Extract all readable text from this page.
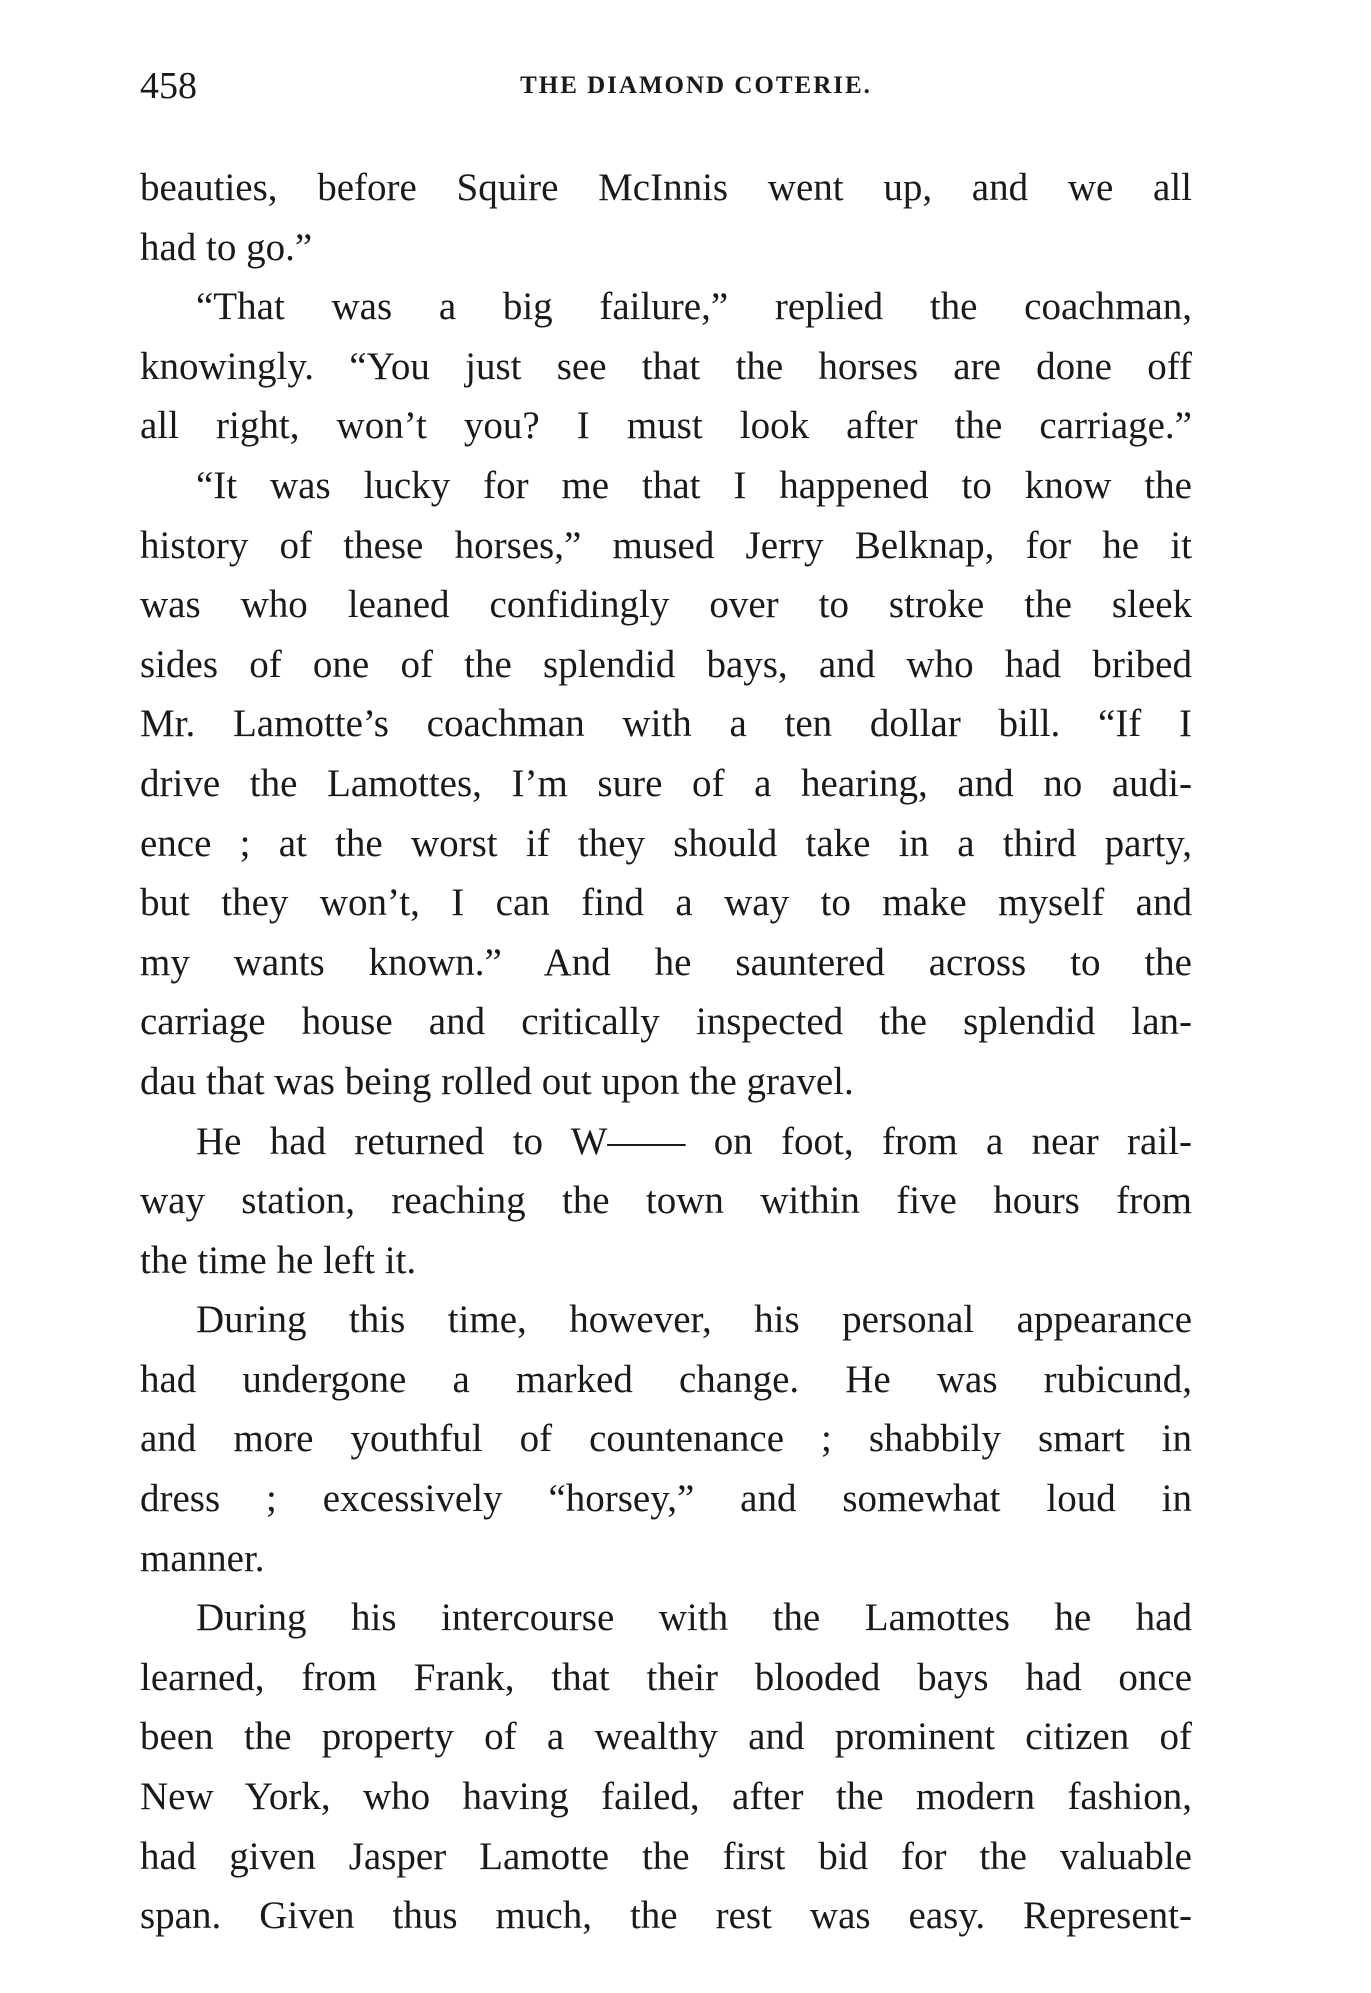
458	THE DIAMOND COTERIE.
beauties, before Squire McInnis went up, and we all
had to go.”
“That was a big failure,” replied the coachman,
knowingly. “You just see that the horses are done off
all right, won’t you? I must look after the carriage.”
“It was lucky for me that I happened to know the
history of these horses,” mused Jerry Belknap, for he it
was who leaned confidingly over to stroke the sleek
sides of one of the splendid bays, and who had bribed
Mr. Lamotte’s coachman with a ten dollar bill. “If I
drive the Lamottes, I’m sure of a hearing, and no audi-
ence ; at the worst if they should take in a third party,
but they won’t, I can find a way to make myself and
my wants known.” And he sauntered across to the
carriage house and critically inspected the splendid lan-
dau that was being rolled out upon the gravel.
He had returned to W—— on foot, from a near rail-
way station, reaching the town within five hours from
the time he left it.
During this time, however, his personal appearance
had undergone a marked change. He was rubicund,
and more youthful of countenance ; shabbily smart in
dress ; excessively “horsey,” and somewhat loud in
manner.
During his intercourse with the Lamottes he had
learned, from Frank, that their blooded bays had once
been the property of a wealthy and prominent citizen of
New York, who having failed, after the modern fashion,
had given Jasper Lamotte the first bid for the valuable
span. Given thus much, the rest was easy. Represent-
